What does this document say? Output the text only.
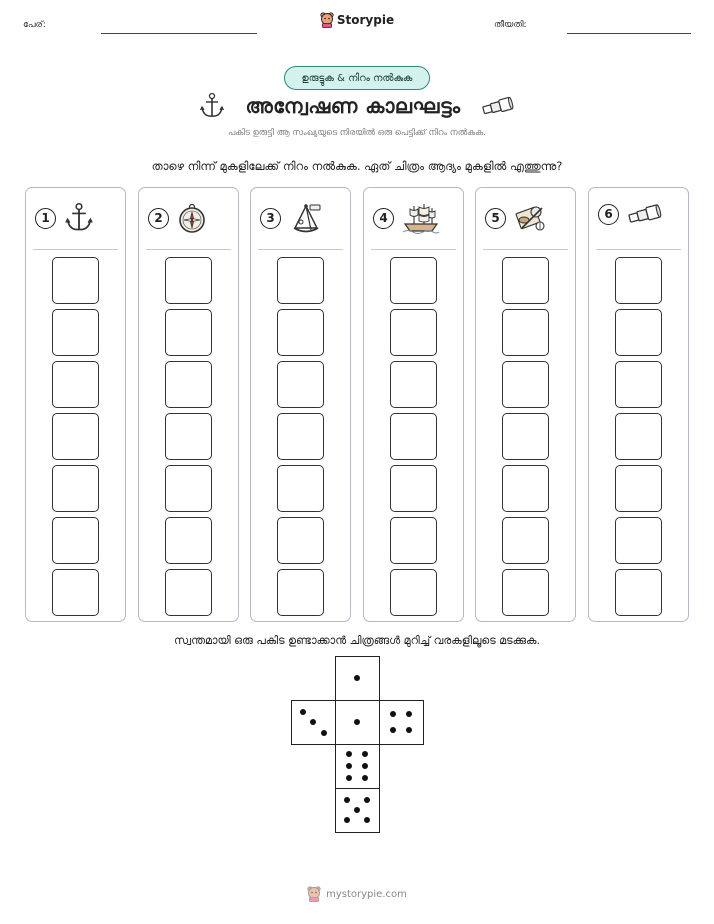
പേര്:	Storypie	തീയതി:
ഉരുട്ടുക & നിറം നൽകുക
അന്വേഷണ കാലഘട്ടം
പകിട ഉരുട്ടി ആ സംഖ്യയുടെ നിരയിൽ ഒരു പെട്ടിക്ക് നിറം നൽകുക.
താഴെ നിന്ന് മുകളിലേക്ക് നിറം നൽകുക. ഏത് ചിത്രം ആദ്യം മുകളിൽ എത്തുന്നു?
1	2	3	4	5	6
സ്വന്തമായി ഒരു പകിട ഉണ്ടാക്കാൻ ചിത്രങ്ങൾ മുറിച്ച് വരകളിലൂടെ മടക്കുക.
mystorypie.com
